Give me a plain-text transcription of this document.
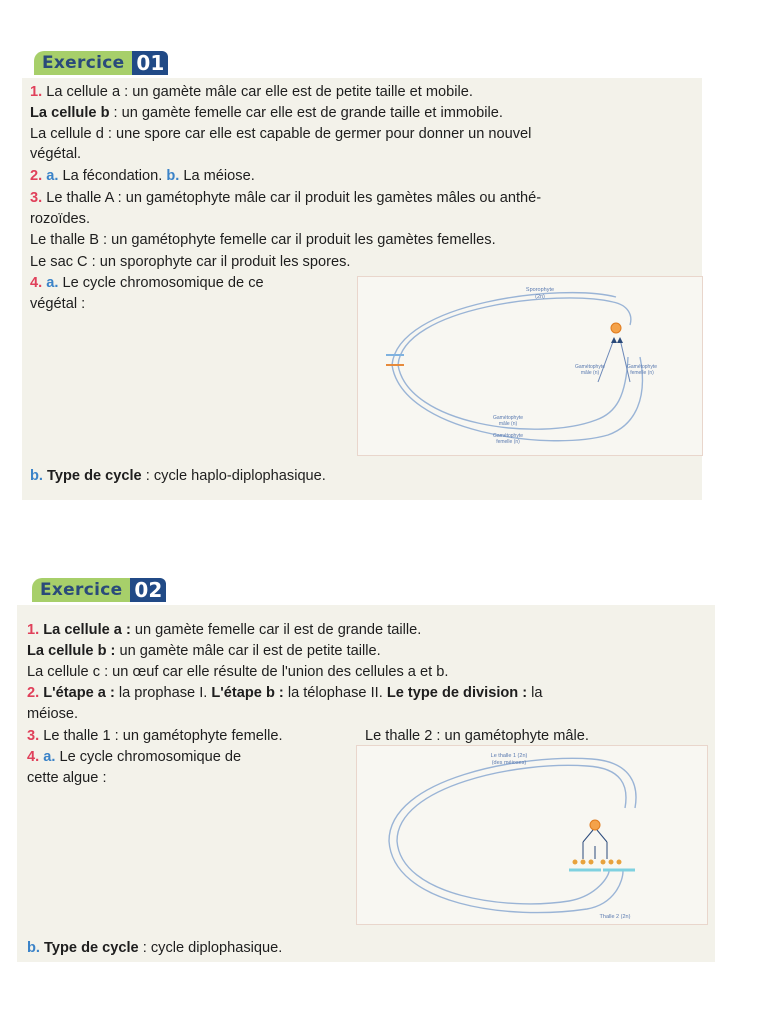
Exercice 01
1. La cellule a : un gamète mâle car elle est de petite taille et mobile.
La cellule b : un gamète femelle car elle est de grande taille et immobile.
La cellule d : une spore car elle est capable de germer pour donner un nouvel
végétal.
2. a. La fécondation. b. La méiose.
3. Le thalle A : un gamétophyte mâle car il produit les gamètes mâles ou anthé-
rozoïdes.
Le thalle B : un gamétophyte femelle car il produit les gamètes femelles.
Le sac C : un sporophyte car il produit les spores.
4. a. Le cycle chromosomique de ce
végétal :
Sporophyte
(2n)
Gamétophyte
mâle (n)
Gamétophyte
femelle (n)
Gamétophyte
mâle (n)
Gamétophyte
femelle (n)
b. Type de cycle : cycle haplo-diplophasique.
Exercice 02
1. La cellule a : un gamète femelle car il est de grande taille.
La cellule b : un gamète mâle car il est de petite taille.
La cellule c : un œuf car elle résulte de l'union des cellules a et b.
2. L'étape a : la prophase I. L'étape b : la télophase II. Le type de division : la
méiose.
3. Le thalle 1 : un gamétophyte femelle.	Le thalle 2 : un gamétophyte mâle.
4. a. Le cycle chromosomique de
cette algue :
Le thalle 1 (2n)
(des méioses)
Thalle 2 (2n)
b. Type de cycle : cycle diplophasique.
